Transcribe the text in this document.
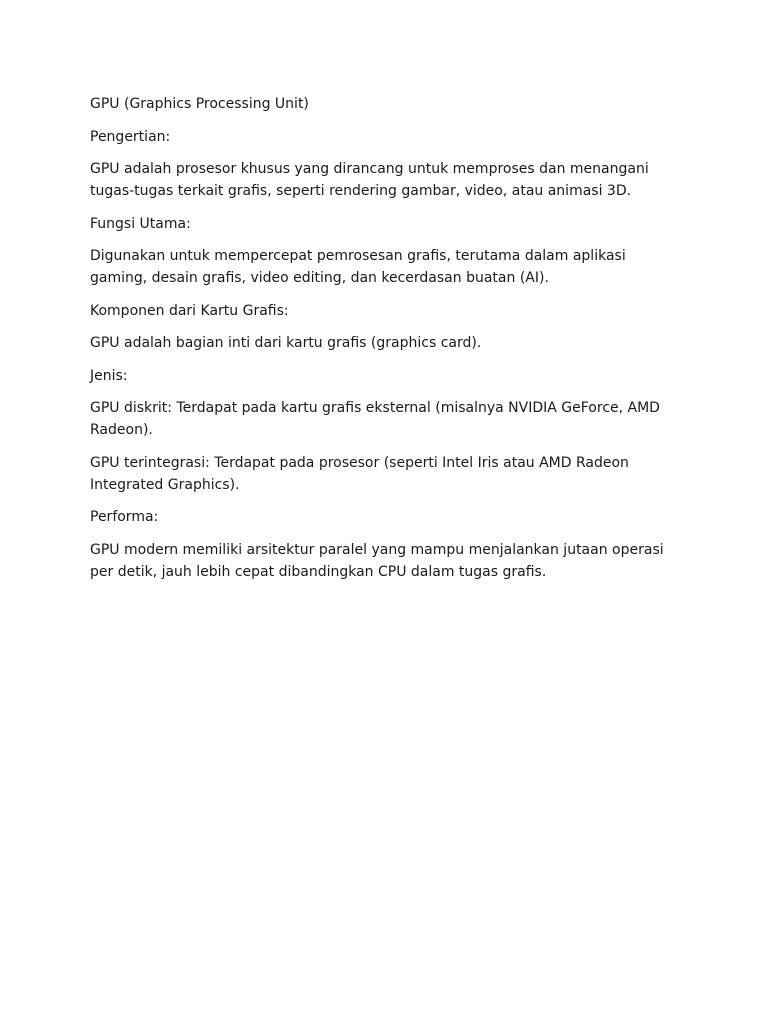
GPU (Graphics Processing Unit)

Pengertian:

GPU adalah prosesor khusus yang dirancang untuk memproses dan menangani tugas-tugas terkait grafis, seperti rendering gambar, video, atau animasi 3D.

Fungsi Utama:

Digunakan untuk mempercepat pemrosesan grafis, terutama dalam aplikasi gaming, desain grafis, video editing, dan kecerdasan buatan (AI).

Komponen dari Kartu Grafis:

GPU adalah bagian inti dari kartu grafis (graphics card).

Jenis:

GPU diskrit: Terdapat pada kartu grafis eksternal (misalnya NVIDIA GeForce, AMD Radeon).

GPU terintegrasi: Terdapat pada prosesor (seperti Intel Iris atau AMD Radeon Integrated Graphics).

Performa:

GPU modern memiliki arsitektur paralel yang mampu menjalankan jutaan operasi per detik, jauh lebih cepat dibandingkan CPU dalam tugas grafis.
